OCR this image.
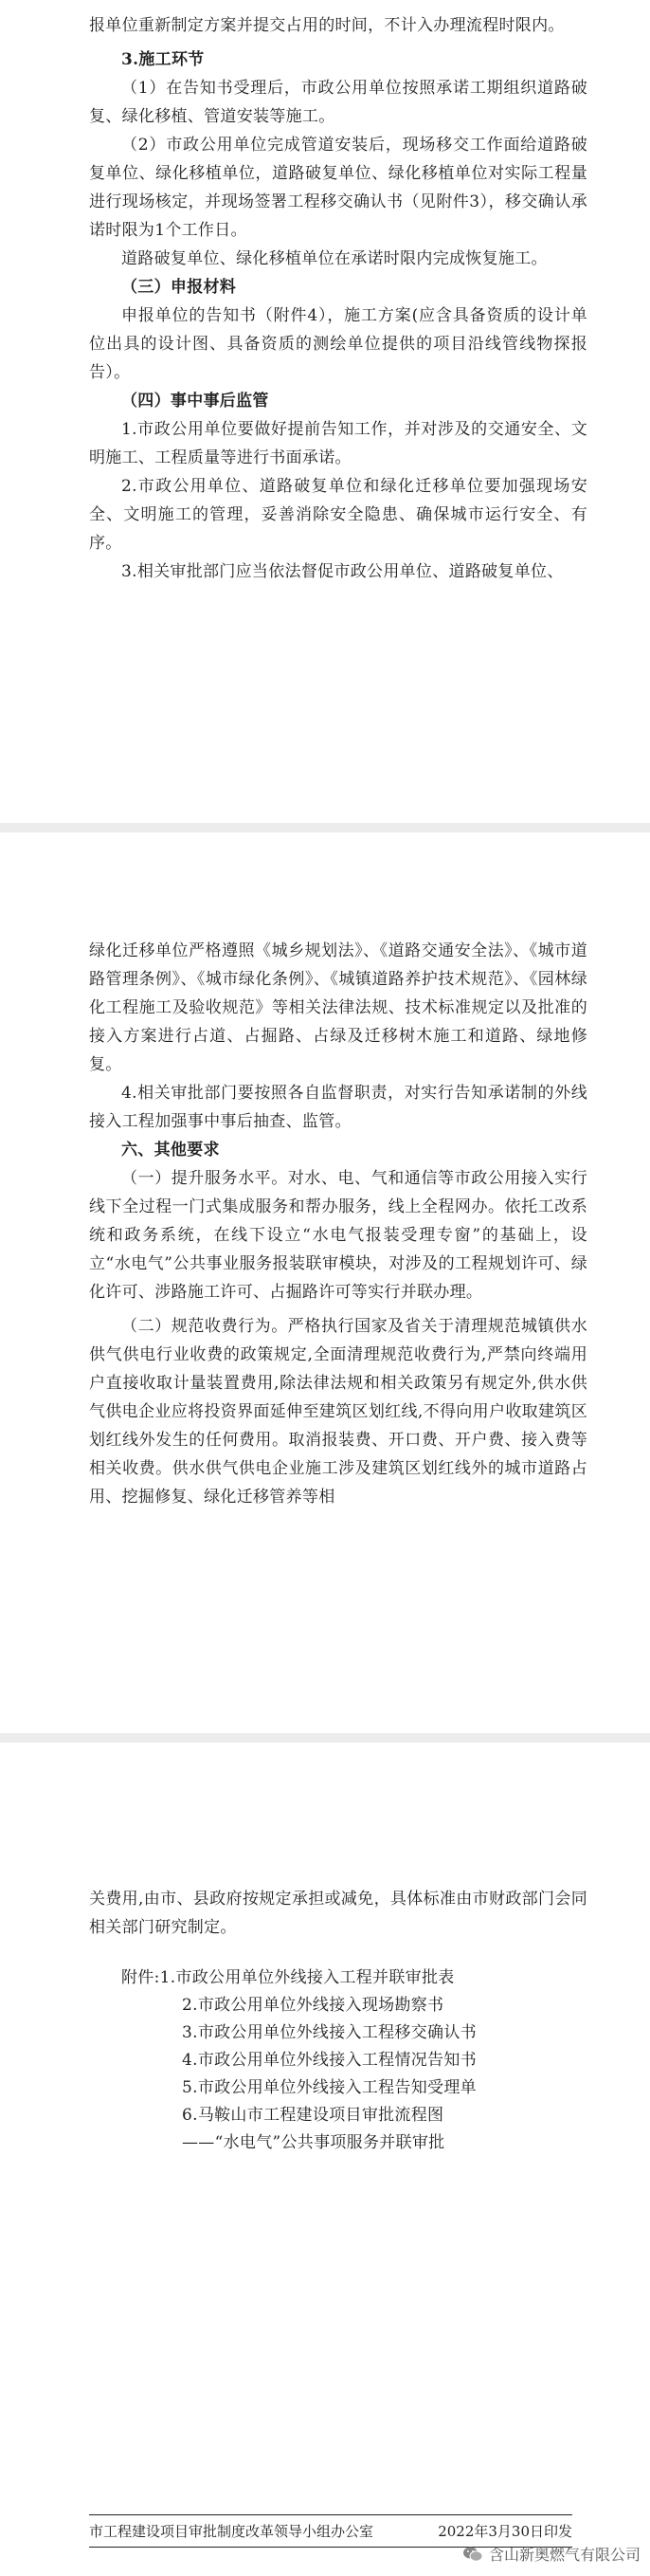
报单位重新制定方案并提交占用的时间，不计入办理流程时限内。

3.施工环节

（1）在告知书受理后，市政公用单位按照承诺工期组织道路破复、绿化移植、管道安装等施工。

（2）市政公用单位完成管道安装后，现场移交工作面给道路破复单位、绿化移植单位，道路破复单位、绿化移植单位对实际工程量进行现场核定，并现场签署工程移交确认书（见附件3），移交确认承诺时限为1个工作日。

道路破复单位、绿化移植单位在承诺时限内完成恢复施工。

（三）申报材料

申报单位的告知书（附件4），施工方案(应含具备资质的设计单位出具的设计图、具备资质的测绘单位提供的项目沿线管线物探报告）。

（四）事中事后监管

1.市政公用单位要做好提前告知工作，并对涉及的交通安全、文明施工、工程质量等进行书面承诺。

2.市政公用单位、道路破复单位和绿化迁移单位要加强现场安全、文明施工的管理，妥善消除安全隐患、确保城市运行安全、有序。

3.相关审批部门应当依法督促市政公用单位、道路破复单位、

绿化迁移单位严格遵照《城乡规划法》、《道路交通安全法》、《城市道路管理条例》、《城市绿化条例》、《城镇道路养护技术规范》、《园林绿化工程施工及验收规范》等相关法律法规、技术标准规定以及批准的接入方案进行占道、占掘路、占绿及迁移树木施工和道路、绿地修复。

4.相关审批部门要按照各自监督职责，对实行告知承诺制的外线接入工程加强事中事后抽查、监管。

六、其他要求

（一）提升服务水平。对水、电、气和通信等市政公用接入实行线下全过程一门式集成服务和帮办服务，线上全程网办。依托工改系统和政务系统，在线下设立“水电气报装受理专窗”的基础上，设立“水电气”公共事业服务报装联审模块，对涉及的工程规划许可、绿化许可、涉路施工许可、占掘路许可等实行并联办理。

（二）规范收费行为。严格执行国家及省关于清理规范城镇供水供气供电行业收费的政策规定,全面清理规范收费行为,严禁向终端用户直接收取计量装置费用,除法律法规和相关政策另有规定外,供水供气供电企业应将投资界面延伸至建筑区划红线,不得向用户收取建筑区划红线外发生的任何费用。取消报装费、开口费、开户费、接入费等相关收费。供水供气供电企业施工涉及建筑区划红线外的城市道路占用、挖掘修复、绿化迁移管养等相

关费用,由市、县政府按规定承担或减免，具体标准由市财政部门会同相关部门研究制定。

附件:1.市政公用单位外线接入工程并联审批表

2.市政公用单位外线接入现场勘察书

3.市政公用单位外线接入工程移交确认书

4.市政公用单位外线接入工程情况告知书

5.市政公用单位外线接入工程告知受理单

6.马鞍山市工程建设项目审批流程图

——“水电气”公共事项服务并联审批

市工程建设项目审批制度改革领导小组办公室	2022年3月30日印发
含山新奥燃气有限公司
